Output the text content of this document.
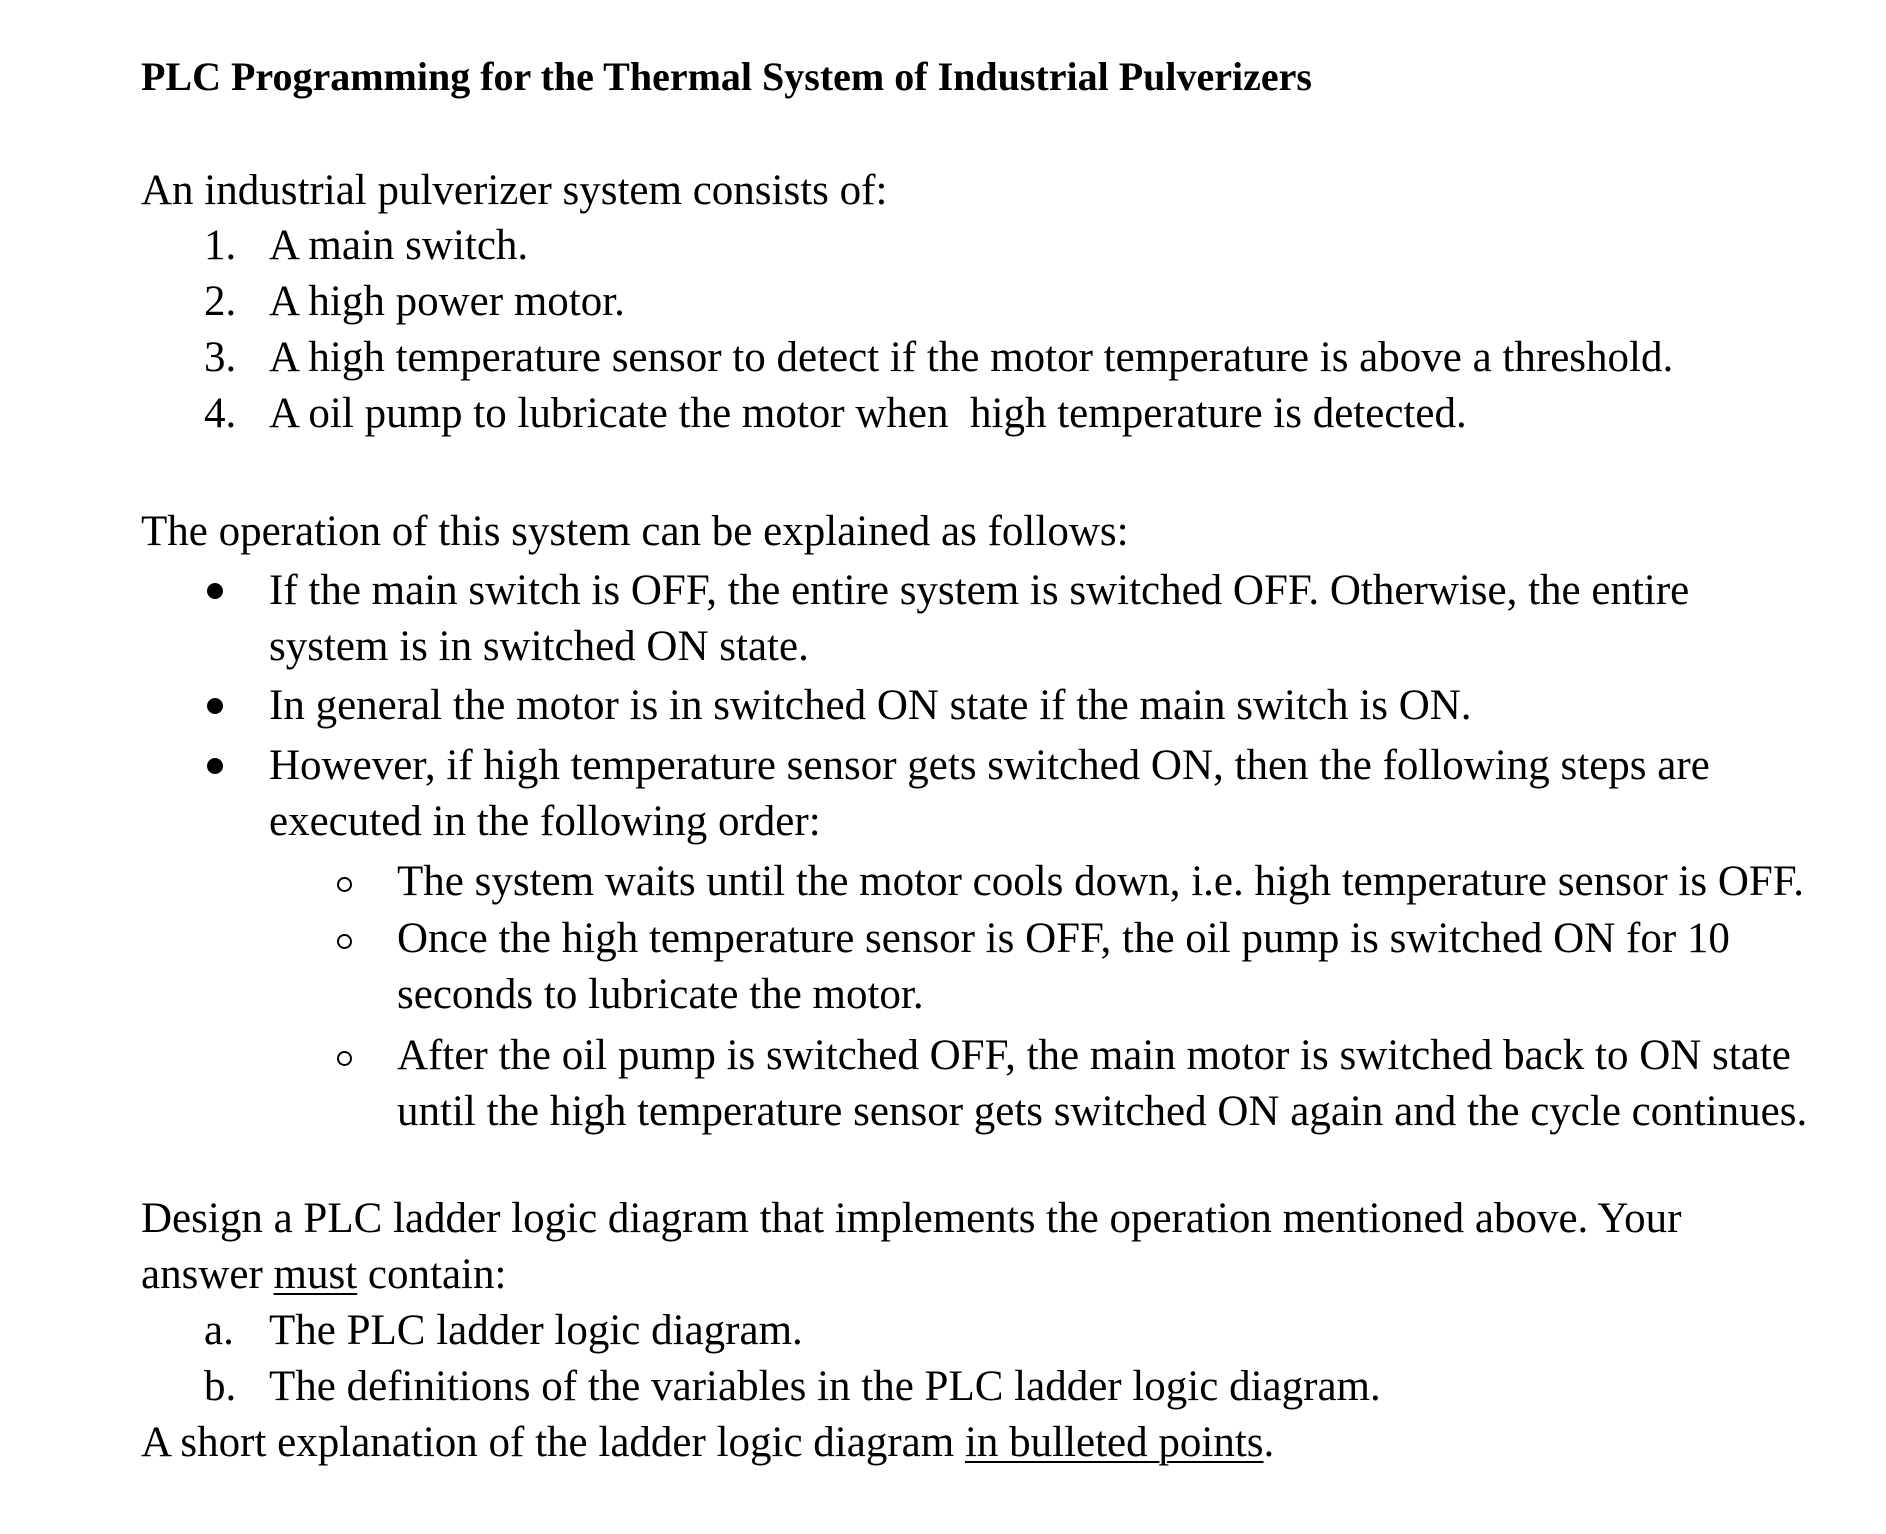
PLC Programming for the Thermal System of Industrial Pulverizers
An industrial pulverizer system consists of:
1. A main switch.
2. A high power motor.
3. A high temperature sensor to detect if the motor temperature is above a threshold.
4. A oil pump to lubricate the motor when  high temperature is detected.
The operation of this system can be explained as follows:
If the main switch is OFF, the entire system is switched OFF. Otherwise, the entire
system is in switched ON state.
In general the motor is in switched ON state if the main switch is ON.
However, if high temperature sensor gets switched ON, then the following steps are
executed in the following order:
The system waits until the motor cools down, i.e. high temperature sensor is OFF.
Once the high temperature sensor is OFF, the oil pump is switched ON for 10
seconds to lubricate the motor.
After the oil pump is switched OFF, the main motor is switched back to ON state
until the high temperature sensor gets switched ON again and the cycle continues.
Design a PLC ladder logic diagram that implements the operation mentioned above. Your
answer must contain:
a. The PLC ladder logic diagram.
b. The definitions of the variables in the PLC ladder logic diagram.
A short explanation of the ladder logic diagram in bulleted points.
